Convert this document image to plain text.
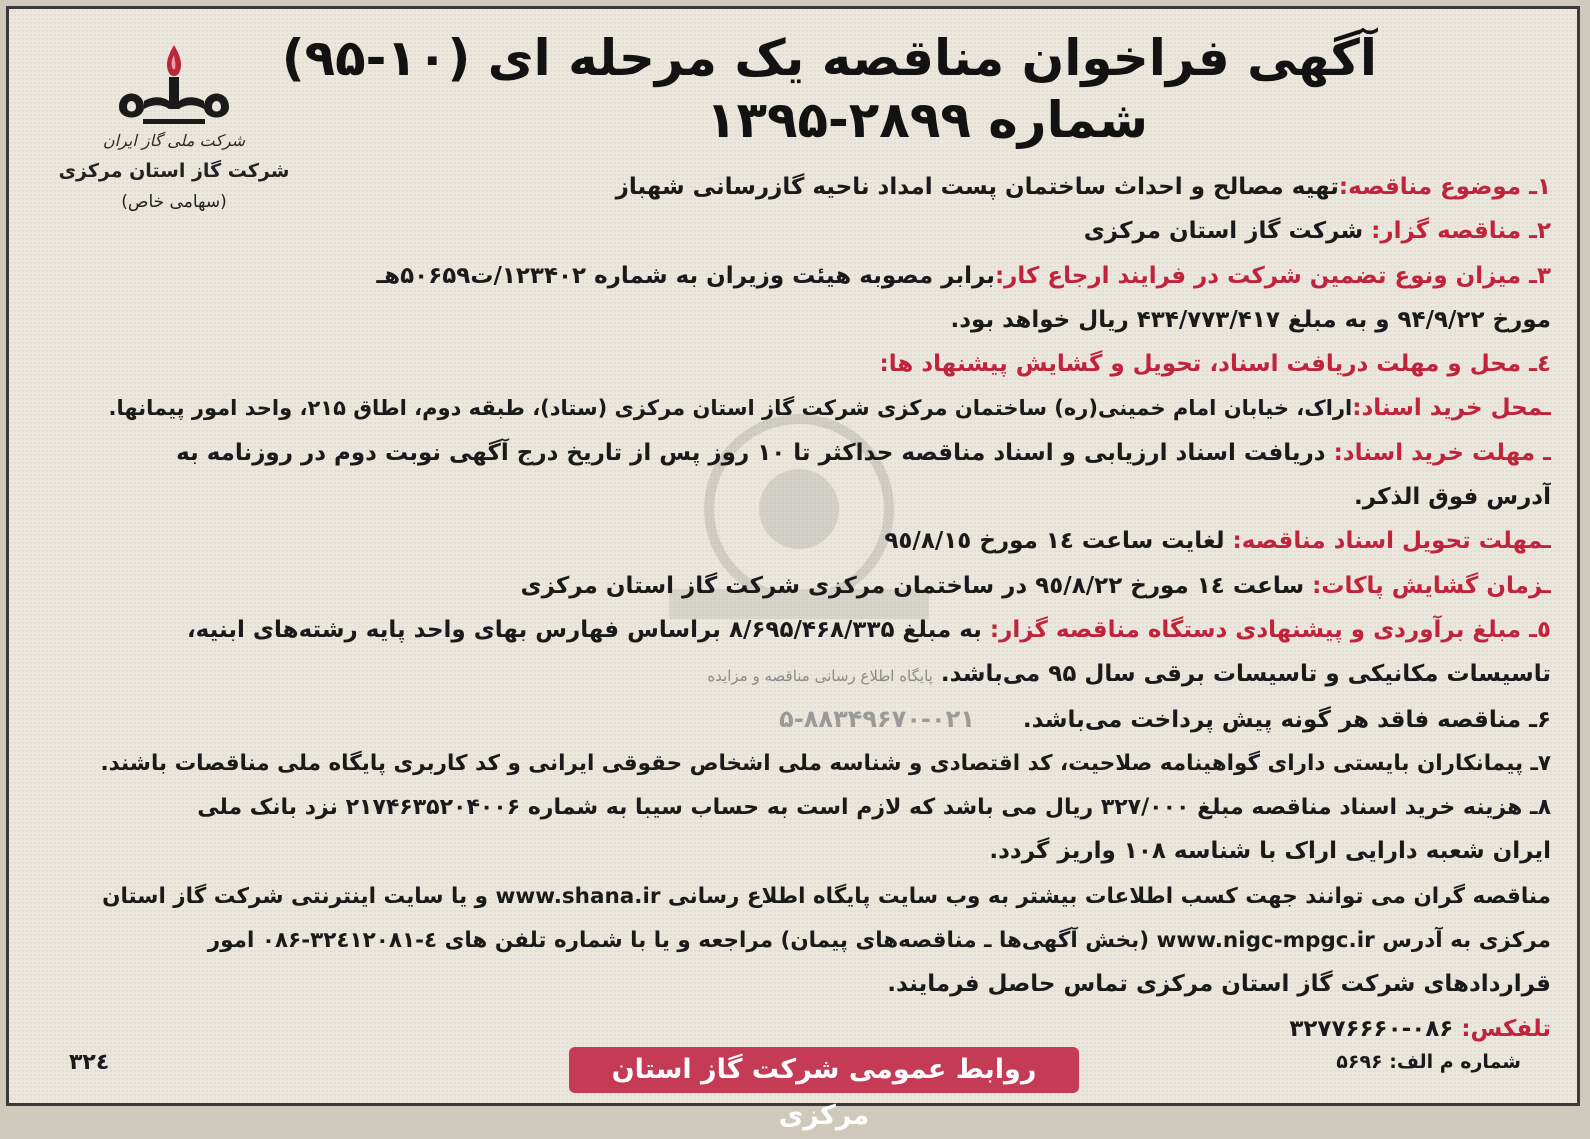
شرکت ملی گاز ایران
شرکت گاز استان مرکزی
(سهامی خاص)
آگهی فراخوان مناقصه یک مرحله ای (۱۰-۹۵)
شماره ۲۸۹۹-۱۳۹۵
۱ـ موضوع مناقصه:تهیه مصالح و احداث ساختمان پست امداد ناحیه گازرسانی شهباز
۲ـ مناقصه گزار: شرکت گاز استان مرکزی
۳ـ میزان ونوع تضمین شرکت در فرایند ارجاع کار:برابر مصوبه هیئت وزیران به شماره ۱۲۳۴۰۲/ت۵۰۶۵۹هـ
مورخ ۹۴/۹/۲۲ و به مبلغ ۴۳۴/۷۷۳/۴۱۷ ریال خواهد بود.
٤ـ محل و مهلت دریافت اسناد، تحویل و گشایش پیشنهاد ها:
ـمحل خرید اسناد:اراک، خیابان امام خمینی(ره) ساختمان مرکزی شرکت گاز استان مرکزی (ستاد)، طبقه دوم، اطاق ۲۱۵، واحد امور پیمانها.
ـ مهلت خرید اسناد: دریافت اسناد ارزیابی و اسناد مناقصه حداکثر تا ۱۰ روز پس از تاریخ درج آگهی نوبت دوم در روزنامه به
آدرس فوق الذکر.
ـمهلت تحویل اسناد مناقصه: لغایت ساعت ١٤ مورخ ٩٥/٨/١٥
ـزمان گشایش پاکات: ساعت ١٤ مورخ ٩٥/٨/٢٢ در ساختمان مرکزی شرکت گاز استان مرکزی
٥ـ مبلغ برآوردی و پیشنهادی دستگاه مناقصه گزار: به مبلغ ۸/۶۹۵/۴۶۸/۳۳۵ براساس فهارس بهای واحد پایه رشته‌های ابنیه،
تاسیسات مکانیکی و تاسیسات برقی سال ۹۵ می‌باشد. پایگاه اطلاع رسانی مناقصه و مزایده
۶ـ مناقصه فاقد هر گونه پیش پرداخت می‌باشد. ۰۲۱-۸۸۳۴۹۶۷۰-۵
۷ـ پیمانکاران بایستی دارای گواهینامه صلاحیت، کد اقتصادی و شناسه ملی اشخاص حقوقی ایرانی و کد کاربری پایگاه ملی مناقصات باشند.
۸ـ هزینه خرید اسناد مناقصه مبلغ ۳۲۷/۰۰۰ ریال می باشد که لازم است به حساب سیبا به شماره ۲۱۷۴۶۳۵۲۰۴۰۰۶ نزد بانک ملی
ایران شعبه دارایی اراک با شناسه ۱۰۸ واریز گردد.
مناقصه گران می توانند جهت کسب اطلاعات بیشتر به وب سایت پایگاه اطلاع رسانی www.shana.ir و یا سایت اینترنتی شرکت گاز استان
مرکزی به آدرس www.nigc-mpgc.ir (بخش آگهی‌ها ـ مناقصه‌های پیمان) مراجعه و یا با شماره تلفن های ٤-۳۲٤۱۲۰۸۱-۰۸۶ امور
قراردادهای شرکت گاز استان مرکزی تماس حاصل فرمایند.
تلفکس: ۰۸۶-۳۲۷۷۶۶۶۰
شماره م الف: ۵۶۹۶
روابط عمومی شرکت گاز استان مرکزی
۳۲٤
